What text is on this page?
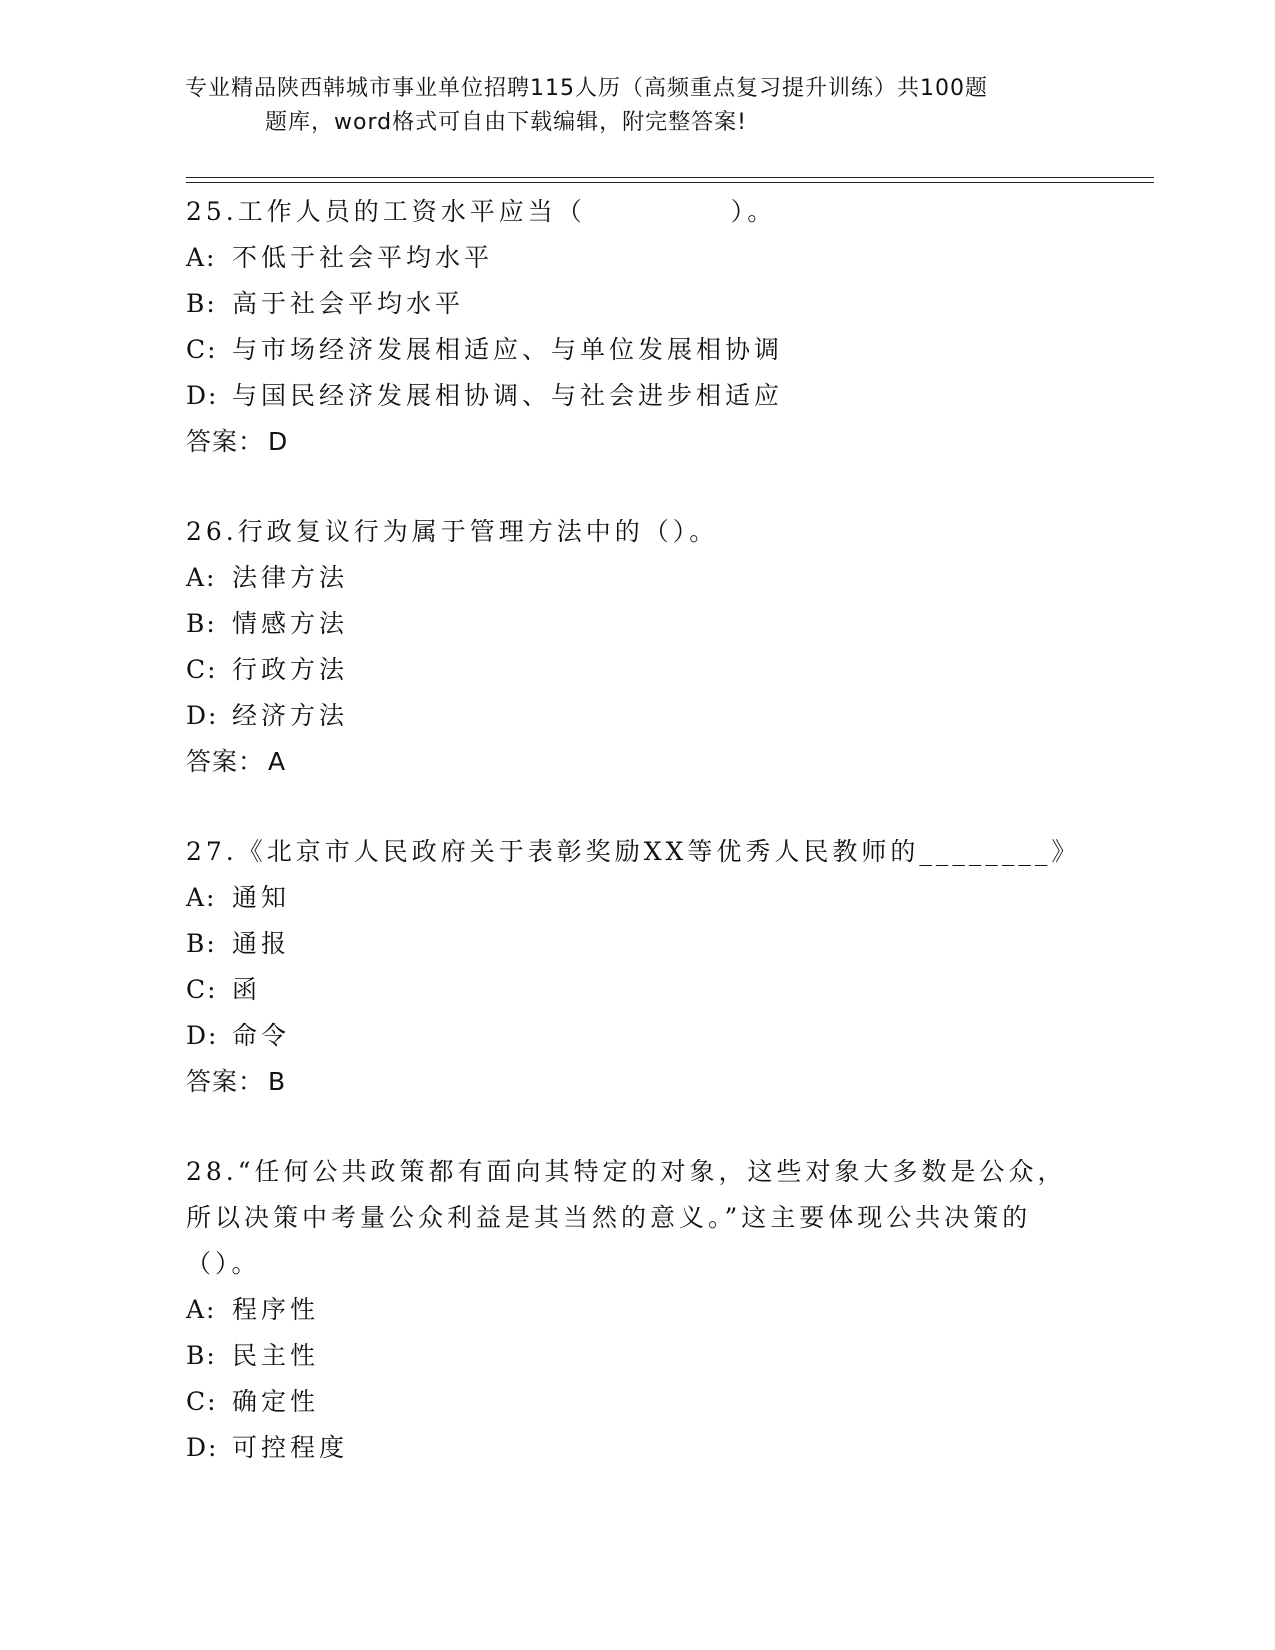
专业精品陕西韩城市事业单位招聘115人历（高频重点复习提升训练）共100题
题库，word格式可自由下载编辑，附完整答案!
25.工作人员的工资水平应当（　　　　　）。
A: 不低于社会平均水平
B: 高于社会平均水平
C: 与市场经济发展相适应、与单位发展相协调
D: 与国民经济发展相协调、与社会进步相适应
答案： D
26.行政复议行为属于管理方法中的（）。
A: 法律方法
B: 情感方法
C: 行政方法
D: 经济方法
答案： A
27.《北京市人民政府关于表彰奖励XX等优秀人民教师的________》
A: 通知
B: 通报
C: 函
D: 命令
答案： B
28.“任何公共政策都有面向其特定的对象，这些对象大多数是公众，所以决策中考量公众利益是其当然的意义。”这主要体现公共决策的（）。
A: 程序性
B: 民主性
C: 确定性
D: 可控程度
